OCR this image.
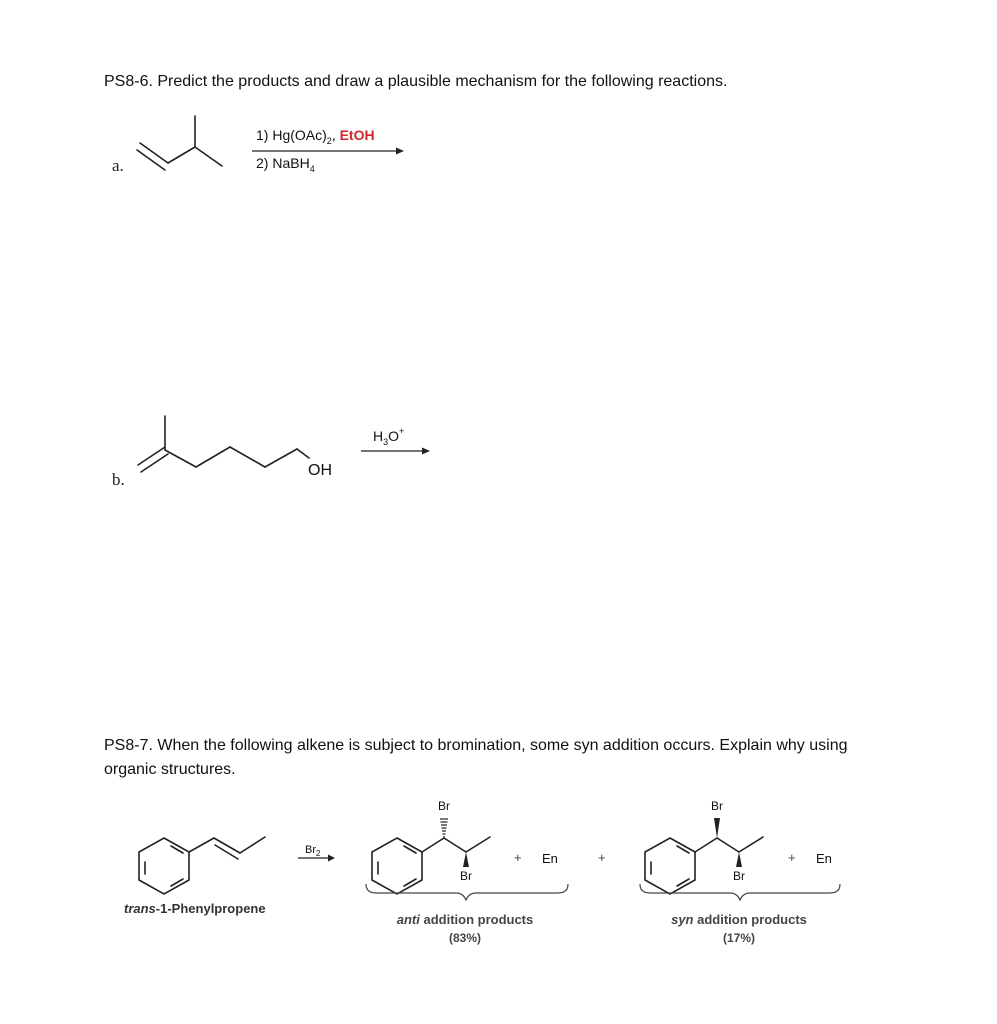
PS8-6. Predict the products and draw a plausible mechanism for the following reactions.
a.
1) $Hg(OAc)_2$, EtOH
2) NaBH$_4$
OH
$H_3O^+$
trans-1-Phenylpropene
$Br_2$
Br
Br
+ En
anti addition products
(83%)
+
Br
Br
+ En
syn addition products
(17%)
b.
PS8-7. When the following alkene is subject to bromination, some syn addition occurs. Explain why using
organic structures.
